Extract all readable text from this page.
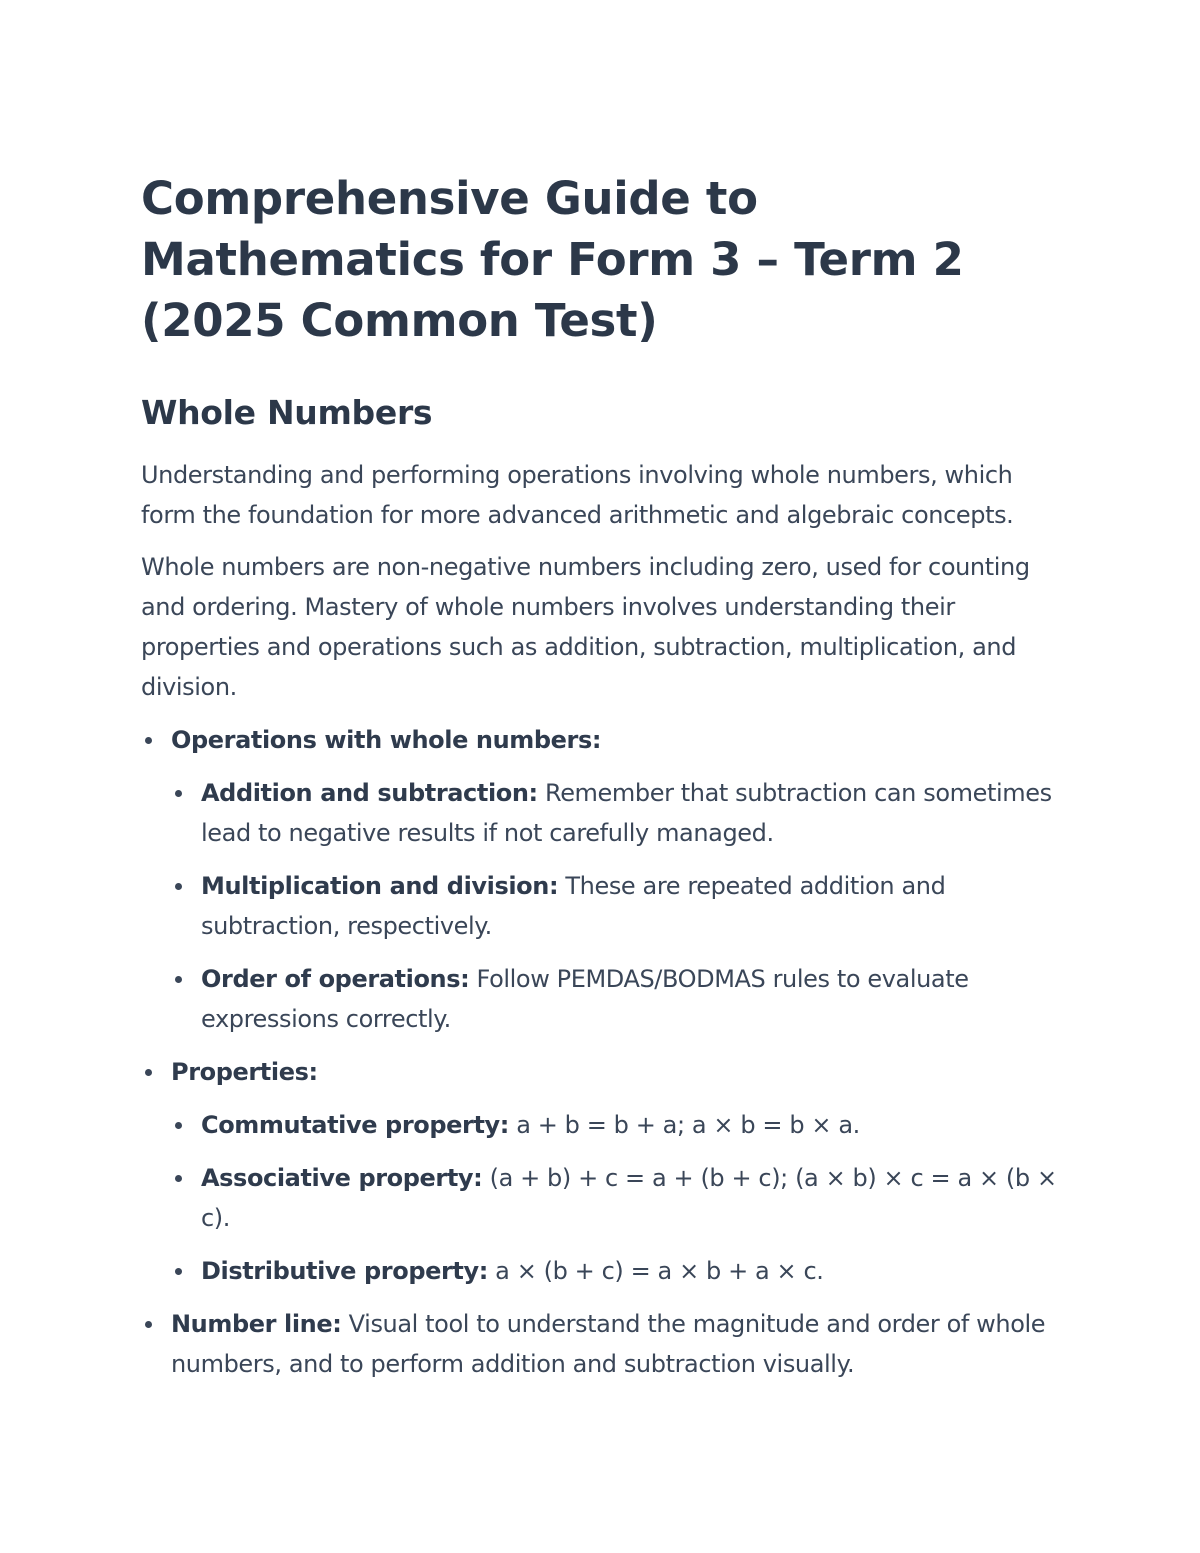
Comprehensive Guide to Mathematics for Form 3 – Term 2 (2025 Common Test)
Whole Numbers

Understanding and performing operations involving whole numbers, which form the foundation for more advanced arithmetic and algebraic concepts.

Whole numbers are non-negative numbers including zero, used for counting and ordering. Mastery of whole numbers involves understanding their properties and operations such as addition, subtraction, multiplication, and division.

Operations with whole numbers:
Addition and subtraction: Remember that subtraction can sometimes lead to negative results if not carefully managed.
Multiplication and division: These are repeated addition and subtraction, respectively.
Order of operations: Follow PEMDAS/BODMAS rules to evaluate expressions correctly.
Properties:
Commutative property: a + b = b + a; a × b = b × a.
Associative property: (a + b) + c = a + (b + c); (a × b) × c = a × (b × c).
Distributive property: a × (b + c) = a × b + a × c.
Number line: Visual tool to understand the magnitude and order of whole numbers, and to perform addition and subtraction visually.
